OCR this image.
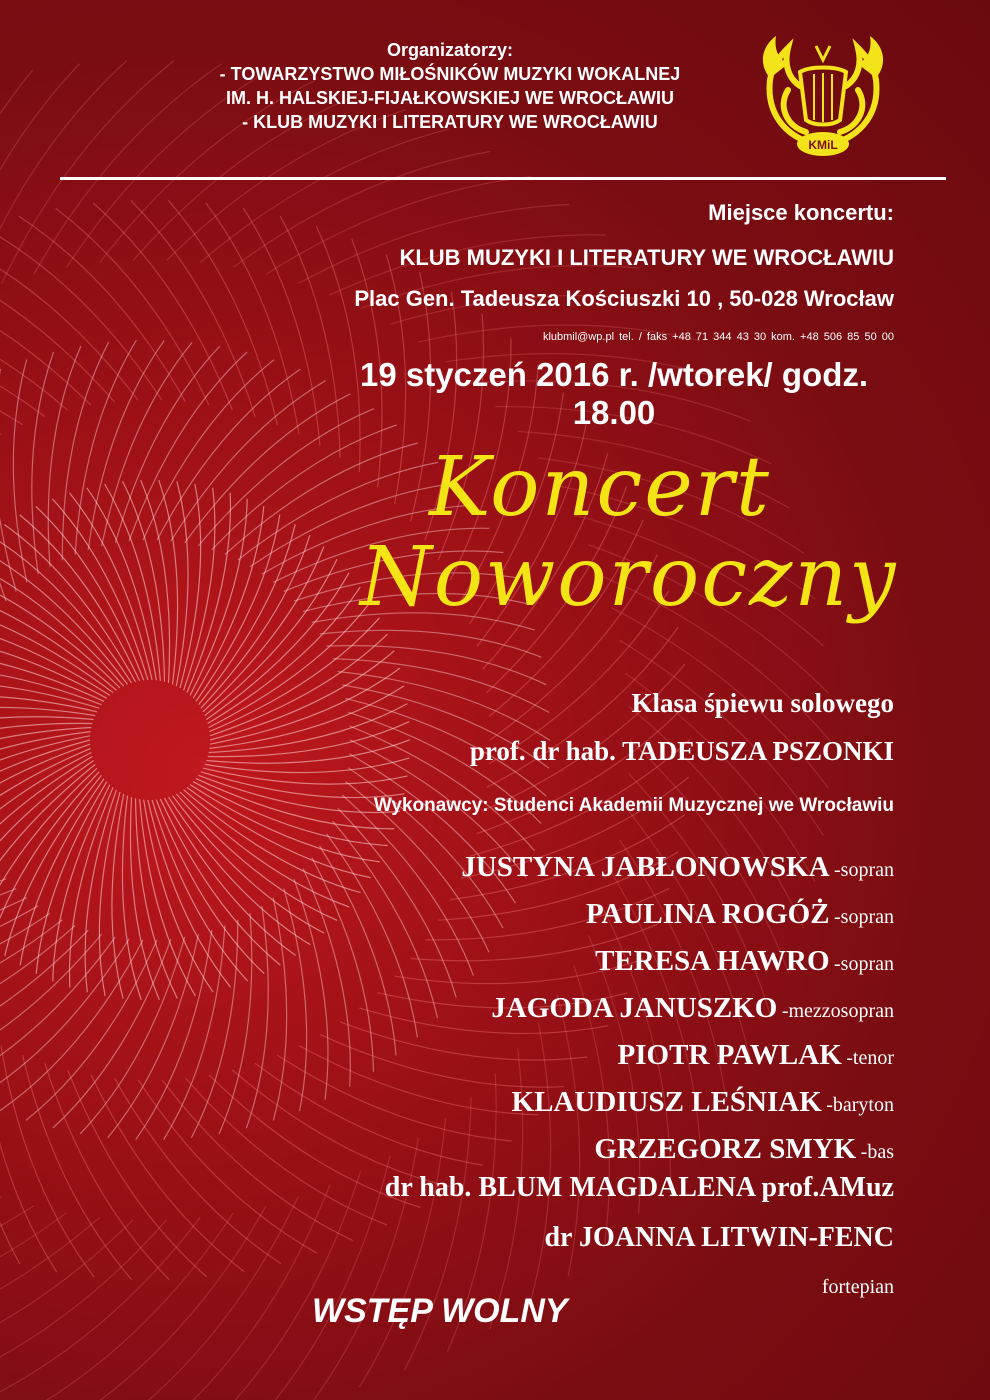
Organizatorzy:
- TOWARZYSTWO MIŁOŚNIKÓW MUZYKI WOKALNEJ
IM. H. HALSKIEJ-FIJAŁKOWSKIEJ WE WROCŁAWIU
- KLUB MUZYKI I LITERATURY WE WROCŁAWIU
KMiL
Miejsce koncertu:
KLUB MUZYKI I LITERATURY WE WROCŁAWIU
Plac Gen. Tadeusza Kościuszki 10 , 50-028 Wrocław
klubmil@wp.pl tel. / faks +48 71 344 43 30 kom. +48 506 85 50 00
19 styczeń 2016 r. /wtorek/ godz. 18.00
Koncert
Noworoczny
Klasa śpiewu solowego
prof. dr hab. TADEUSZA PSZONKI
Wykonawcy: Studenci Akademii Muzycznej we Wrocławiu
JUSTYNA JABŁONOWSKA -sopran
PAULINA ROGÓŻ -sopran
TERESA HAWRO -sopran
JAGODA JANUSZKO -mezzosopran
PIOTR PAWLAK -tenor
KLAUDIUSZ LEŚNIAK -baryton
GRZEGORZ SMYK -bas
dr hab. BLUM MAGDALENA prof.AMuz
dr JOANNA LITWIN-FENC
fortepian
WSTĘP WOLNY
